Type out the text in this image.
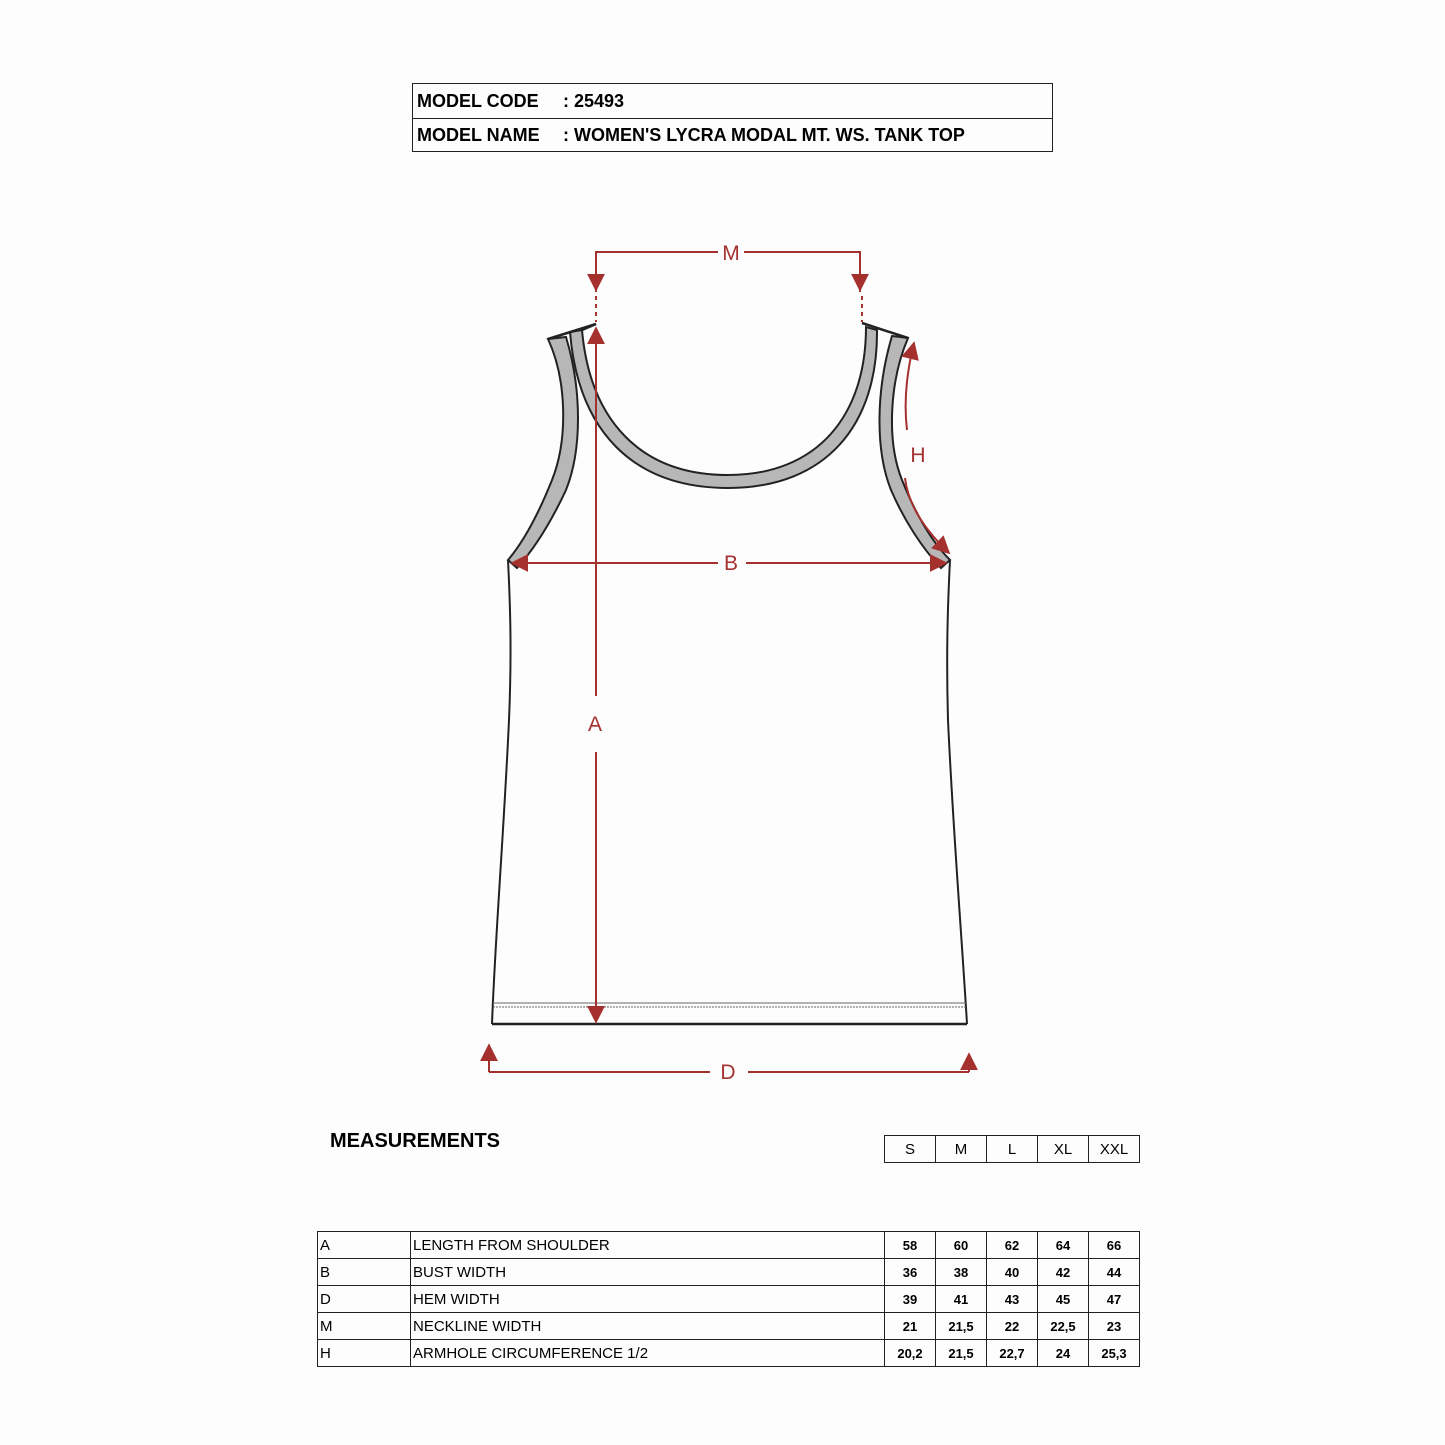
MODEL CODE	: 25493
MODEL NAME	: WOMEN'S LYCRA MODAL MT. WS. TANK TOP
M
A
B
H
D
MEASUREMENTS	S	M	L	XL	XXL
A	LENGTH FROM SHOULDER	58	60	62	64	66
B	BUST WIDTH	36	38	40	42	44
D	HEM WIDTH	39	41	43	45	47
M	NECKLINE WIDTH	21	21,5	22	22,5	23
H	ARMHOLE CIRCUMFERENCE 1/2	20,2	21,5	22,7	24	25,3
